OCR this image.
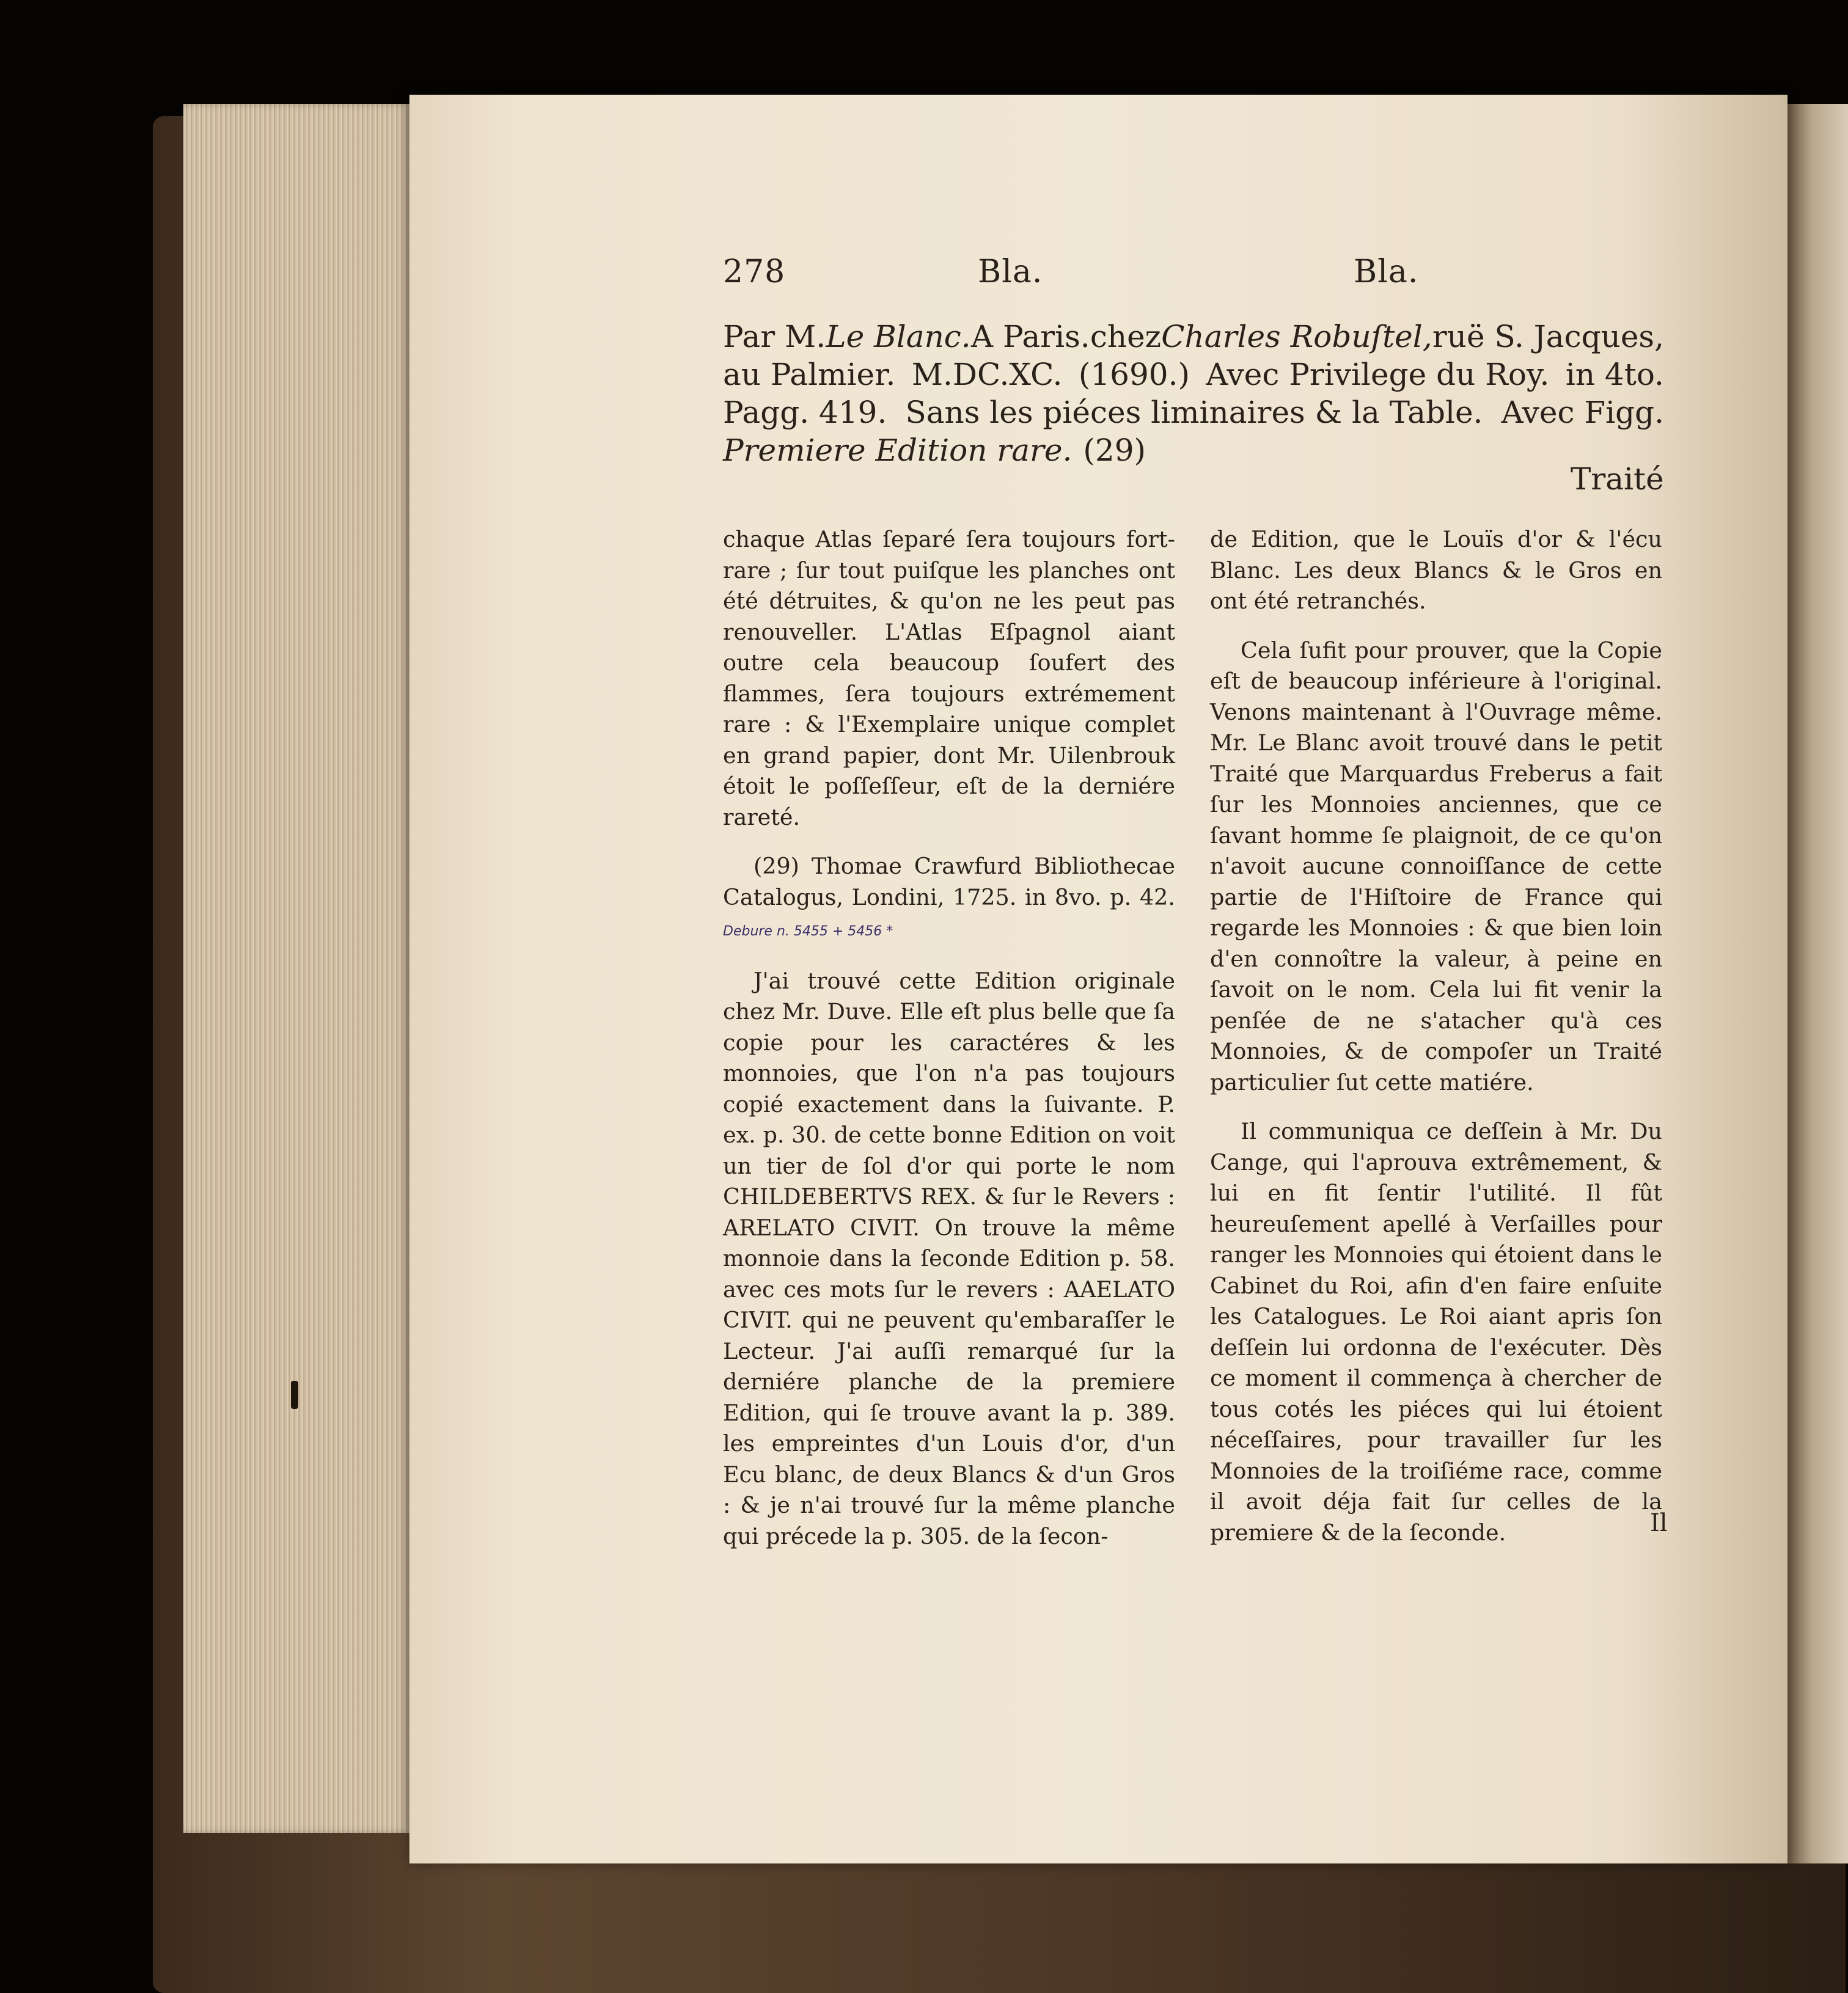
278	Bla.	Bla.
Par M. Le Blanc. A Paris. chez Charles Robuſtel, ruë S. Jacques,
au Palmier. M.DC.XC. (1690.) Avec Privilege du Roy. in 4to.
Pagg. 419. Sans les piéces liminaires & la Table. Avec Figg.
Premiere Edition rare. (29)
Traité

chaque Atlas ſeparé ſera toujours fort-rare ; ſur tout puiſque les planches ont été détruites, & qu'on ne les peut pas renouveller. L'Atlas Eſpagnol aiant outre cela beaucoup ſoufert des flammes, ſera toujours extrémement rare : & l'Exemplaire unique complet en grand papier, dont Mr. Uilenbrouk étoit le poſſeſſeur, eſt de la derniére rareté.

(29) Thomae Crawfurd Bibliothecae Catalogus, Londini, 1725. in 8vo. p. 42. Debure n. 5455 + 5456 *

J'ai trouvé cette Edition originale chez Mr. Duve. Elle eſt plus belle que ſa copie pour les caractéres & les monnoies, que l'on n'a pas toujours copié exactement dans la ſuivante. P. ex. p. 30. de cette bonne Edition on voit un tier de ſol d'or qui porte le nom CHILDEBERTVS REX. & ſur le Revers : ARELATO CIVIT. On trouve la même monnoie dans la ſeconde Edition p. 58. avec ces mots ſur le revers : AAELATO CIVIT. qui ne peuvent qu'embaraſſer le Lecteur. J'ai auſſi remarqué ſur la derniére planche de la premiere Edition, qui ſe trouve avant la p. 389. les empreintes d'un Louis d'or, d'un Ecu blanc, de deux Blancs & d'un Gros : & je n'ai trouvé ſur la même planche qui précede la p. 305. de la ſecon-

de Edition, que le Louïs d'or & l'écu Blanc. Les deux Blancs & le Gros en ont été retranchés.

Cela ſufit pour prouver, que la Copie eſt de beaucoup inférieure à l'original. Venons maintenant à l'Ouvrage même. Mr. Le Blanc avoit trouvé dans le petit Traité que Marquardus Freberus a fait ſur les Monnoies anciennes, que ce ſavant homme ſe plaignoit, de ce qu'on n'avoit aucune connoiſſance de cette partie de l'Hiſtoire de France qui regarde les Monnoies : & que bien loin d'en connoître la valeur, à peine en ſavoit on le nom. Cela lui fit venir la penſée de ne s'atacher qu'à ces Monnoies, & de compoſer un Traité particulier ſut cette matiére.

Il communiqua ce deſſein à Mr. Du Cange, qui l'aprouva extrêmement, & lui en fit ſentir l'utilité. Il fût heureuſement apellé à Verſailles pour ranger les Monnoies qui étoient dans le Cabinet du Roi, afin d'en faire enſuite les Catalogues. Le Roi aiant apris ſon deſſein lui ordonna de l'exécuter. Dès ce moment il commença à chercher de tous cotés les piéces qui lui étoient néceſſaires, pour travailler ſur les Monnoies de la troiſiéme race, comme il avoit déja fait ſur celles de la premiere & de la ſeconde.	Il
